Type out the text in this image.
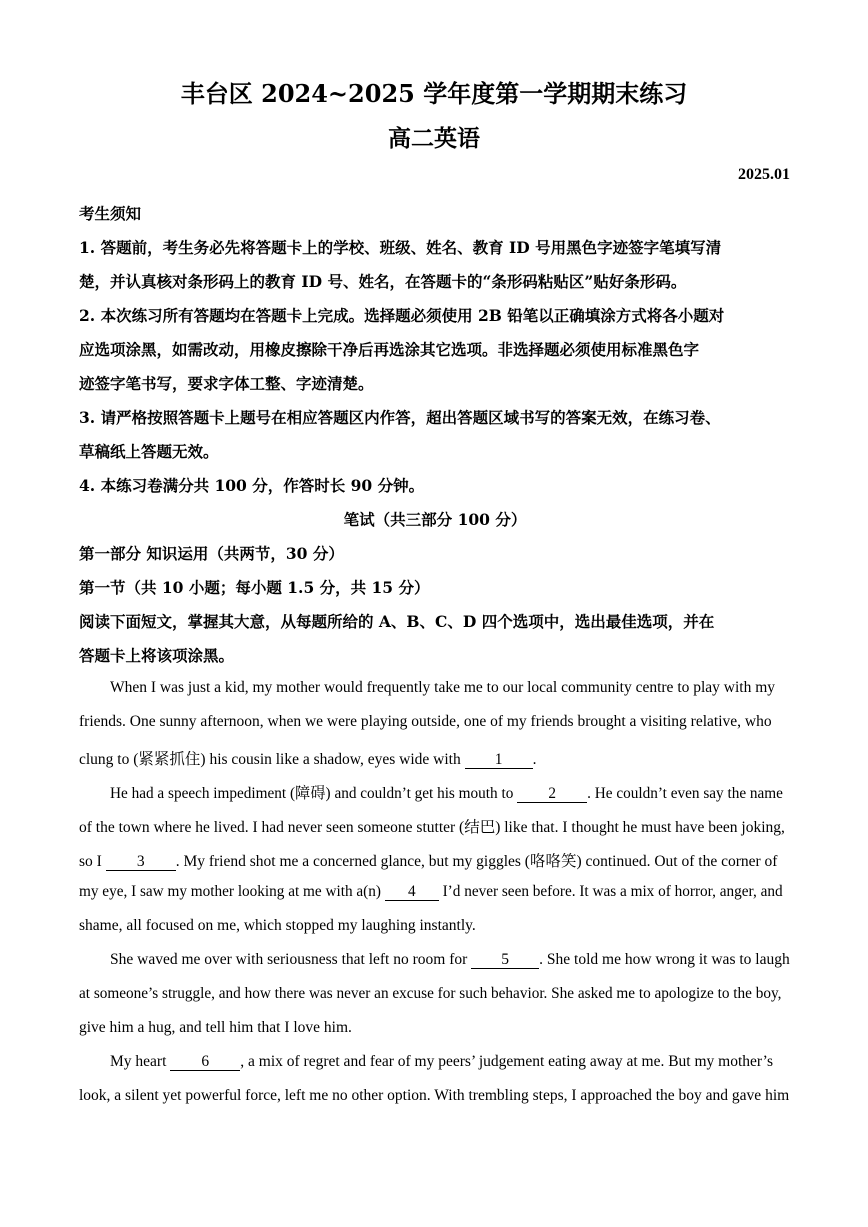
丰台区 2024~2025 学年度第一学期期末练习
高二英语
2025.01
考生须知
1. 答题前，考生务必先将答题卡上的学校、班级、姓名、教育 ID 号用黑色字迹签字笔填写清
楚，并认真核对条形码上的教育 ID 号、姓名，在答题卡的“条形码粘贴区”贴好条形码。
2. 本次练习所有答题均在答题卡上完成。选择题必须使用 2B 铅笔以正确填涂方式将各小题对
应选项涂黑，如需改动，用橡皮擦除干净后再选涂其它选项。非选择题必须使用标准黑色字
迹签字笔书写，要求字体工整、字迹清楚。
3. 请严格按照答题卡上题号在相应答题区内作答，超出答题区域书写的答案无效，在练习卷、
草稿纸上答题无效。
4. 本练习卷满分共 100 分，作答时长 90 分钟。
笔试（共三部分 100 分）
第一部分 知识运用（共两节，30 分）
第一节（共 10 小题；每小题 1.5 分，共 15 分）
阅读下面短文，掌握其大意，从每题所给的 A、B、C、D 四个选项中，选出最佳选项，并在
答题卡上将该项涂黑。
When I was just a kid, my mother would frequently take me to our local community centre to play with my
friends. One sunny afternoon, when we were playing outside, one of my friends brought a visiting relative, who
clung to (紧紧抓住) his cousin like a shadow, eyes wide with 1 .
He had a speech impediment (障碍) and couldn’t get his mouth to 2 . He couldn’t even say the name
of the town where he lived. I had never seen someone stutter (结巴) like that. I thought he must have been joking,
so I 3 . My friend shot me a concerned glance, but my giggles (咯咯笑) continued. Out of the corner of
my eye, I saw my mother looking at me with a(n) 4 I’d never seen before. It was a mix of horror, anger, and
shame, all focused on me, which stopped my laughing instantly.
She waved me over with seriousness that left no room for 5 . She told me how wrong it was to laugh
at someone’s struggle, and how there was never an excuse for such behavior. She asked me to apologize to the boy,
give him a hug, and tell him that I love him.
My heart 6 , a mix of regret and fear of my peers’ judgement eating away at me. But my mother’s
look, a silent yet powerful force, left me no other option. With trembling steps, I approached the boy and gave him
